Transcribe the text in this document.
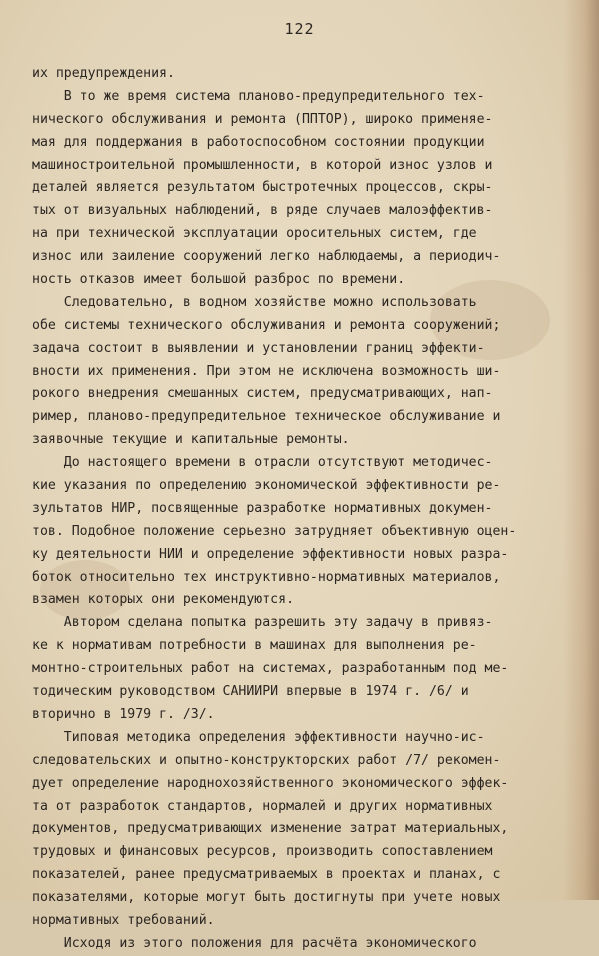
122
их предупреждения.
В то же время система планово-предупредительного тех-
нического обслуживания и ремонта (ППТОР), широко применяе-
мая для поддержания в работоспособном состоянии продукции
машиностроительной промышленности, в которой износ узлов и
деталей является результатом быстротечных процессов, скры-
тых от визуальных наблюдений, в ряде случаев малоэффектив-
на при технической эксплуатации оросительных систем, где
износ или заиление сооружений легко наблюдаемы, а периодич-
ность отказов имеет большой разброс по времени.
Следовательно, в водном хозяйстве можно использовать
обе системы технического обслуживания и ремонта сооружений;
задача состоит в выявлении и установлении границ эффекти-
вности их применения. При этом не исключена возможность ши-
рокого внедрения смешанных систем, предусматривающих, нап-
ример, планово-предупредительное техническое обслуживание и
заявочные текущие и капитальные ремонты.
До настоящего времени в отрасли отсутствуют методичес-
кие указания по определению экономической эффективности ре-
зультатов НИР, посвященные разработке нормативных докумен-
тов. Подобное положение серьезно затрудняет объективную оцен-
ку деятельности НИИ и определение эффективности новых разра-
боток относительно тех инструктивно-нормативных материалов,
взамен которых они рекомендуются.
Автором сделана попытка разрешить эту задачу в привяз-
ке к нормативам потребности в машинах для выполнения ре-
монтно-строительных работ на системах, разработанным под ме-
тодическим руководством САНИИРИ впервые в 1974 г. /6/ и
вторично в 1979 г. /3/.
Типовая методика определения эффективности научно-ис-
следовательских и опытно-конструкторских работ /7/ рекомен-
дует определение народнохозяйственного экономического эффек-
та от разработок стандартов, нормалей и других нормативных
документов, предусматривающих изменение затрат материальных,
трудовых и финансовых ресурсов, производить сопоставлением
показателей, ранее предусматриваемых в проектах и планах, с
показателями, которые могут быть достигнуты при учете новых
нормативных требований.
Исходя из этого положения для расчёта экономического
